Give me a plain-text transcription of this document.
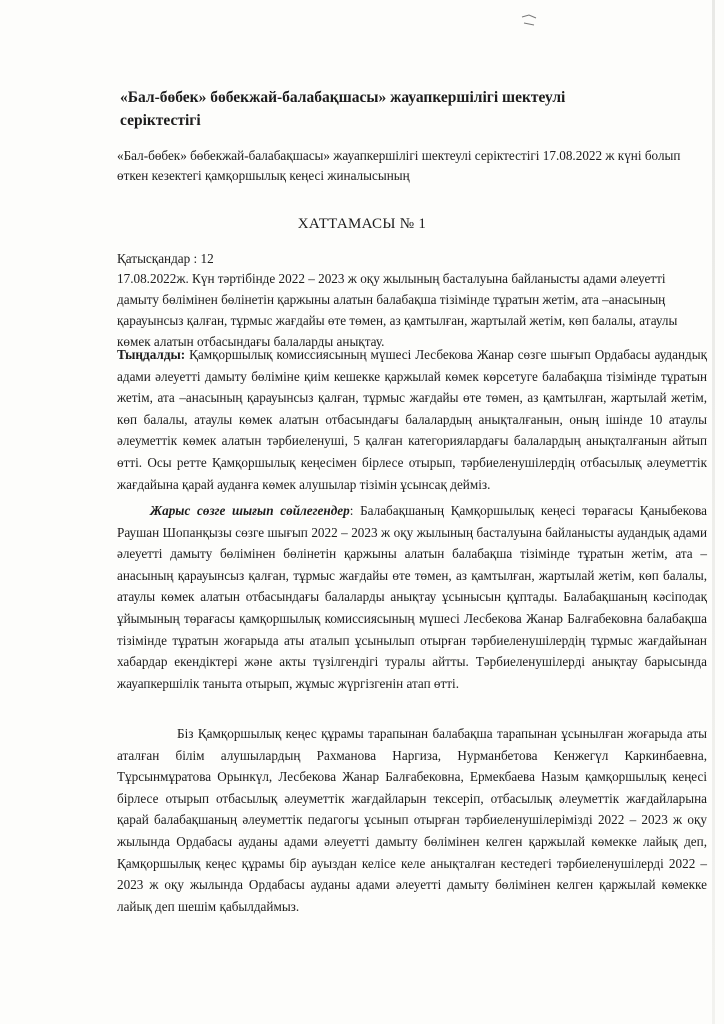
«Бал-бөбек» бөбекжай-балабақшасы» жауапкершілігі шектеулі серіктестігі
«Бал-бөбек» бөбекжай-балабақшасы» жауапкершілігі шектеулі серіктестігі 17.08.2022 ж күні болып өткен кезектегі қамқоршылық кеңесі жиналысының
ХАТТАМАСЫ № 1
Қатысқандар : 12
17.08.2022ж. Күн тәртібінде 2022 – 2023 ж оқу жылының басталуына байланысты адами әлеуетті дамыту бөлімінен бөлінетін қаржыны алатын балабақша тізімінде тұратын жетім, ата –анасының қарауынсыз қалған, тұрмыс жағдайы өте төмен, аз қамтылған, жартылай жетім, көп балалы, атаулы көмек алатын отбасындағы балаларды анықтау.

Тыңдалды: Қамқоршылық комиссиясының мүшесі Лесбекова Жанар сөзге шығып Ордабасы аудандық адами әлеуетті дамыту бөліміне қиім кешекке қаржылай көмек көрсетуге балабақша тізімінде тұратын жетім, ата –анасының қарауынсыз қалған, тұрмыс жағдайы өте төмен, аз қамтылған, жартылай жетім, көп балалы, атаулы көмек алатын отбасындағы балалардың анықталғанын, оның ішінде 10 атаулы әлеуметтік көмек алатын тәрбиеленуші, 5 қалған категориялардағы балалардың анықталғанын айтып өтті. Осы ретте Қамқоршылық кеңесімен бірлесе отырып, тәрбиеленушілердің отбасылық әлеуметтік жағдайына қарай ауданға көмек алушылар тізімін ұсынсақ дейміз.

Жарыс сөзге шығып сөйлегендер: Балабақшаның Қамқоршылық кеңесі төрағасы Қаныбекова Раушан Шопанқызы сөзге шығып 2022 – 2023 ж оқу жылының басталуына байланысты аудандық адами әлеуетті дамыту бөлімінен бөлінетін қаржыны алатын балабақша тізімінде тұратын жетім, ата –анасының қарауынсыз қалған, тұрмыс жағдайы өте төмен, аз қамтылған, жартылай жетім, көп балалы, атаулы көмек алатын отбасындағы балаларды анықтау ұсынысын құптады. Балабақшаның кәсіподақ ұйымының төрағасы қамқоршылық комиссиясының мүшесі Лесбекова Жанар Балғабековна балабақша тізімінде тұратын жоғарыда аты аталып ұсынылып отырған тәрбиеленушілердің тұрмыс жағдайынан хабардар екендіктері және акты түзілгендігі туралы айтты. Тәрбиеленушілерді анықтау барысында жауапкершілік таныта отырып, жұмыс жүргізгенін атап өтті.

Біз Қамқоршылық кеңес құрамы тарапынан балабақша тарапынан ұсынылған жоғарыда аты аталған білім алушылардың Рахманова Наргиза, Нурманбетова Кенжегүл Каркинбаевна, Тұрсынмұратова Орынкүл, Лесбекова Жанар Балғабековна, Ермекбаева Назым қамқоршылық кеңесі бірлесе отырып отбасылық әлеуметтік жағдайларын тексеріп, отбасылық әлеуметтік жағдайларына қарай балабақшаның әлеуметтік педагогы ұсынып отырған тәрбиеленушілерімізді 2022 – 2023 ж оқу жылында Ордабасы ауданы адами әлеуетті дамыту бөлімінен келген қаржылай көмекке лайық деп, Қамқоршылық кеңес құрамы бір ауыздан келісе келе анықталған кестедегі тәрбиеленушілерді 2022 – 2023 ж оқу жылында Ордабасы ауданы адами әлеуетті дамыту бөлімінен келген қаржылай көмекке лайық деп шешім қабылдаймыз.
